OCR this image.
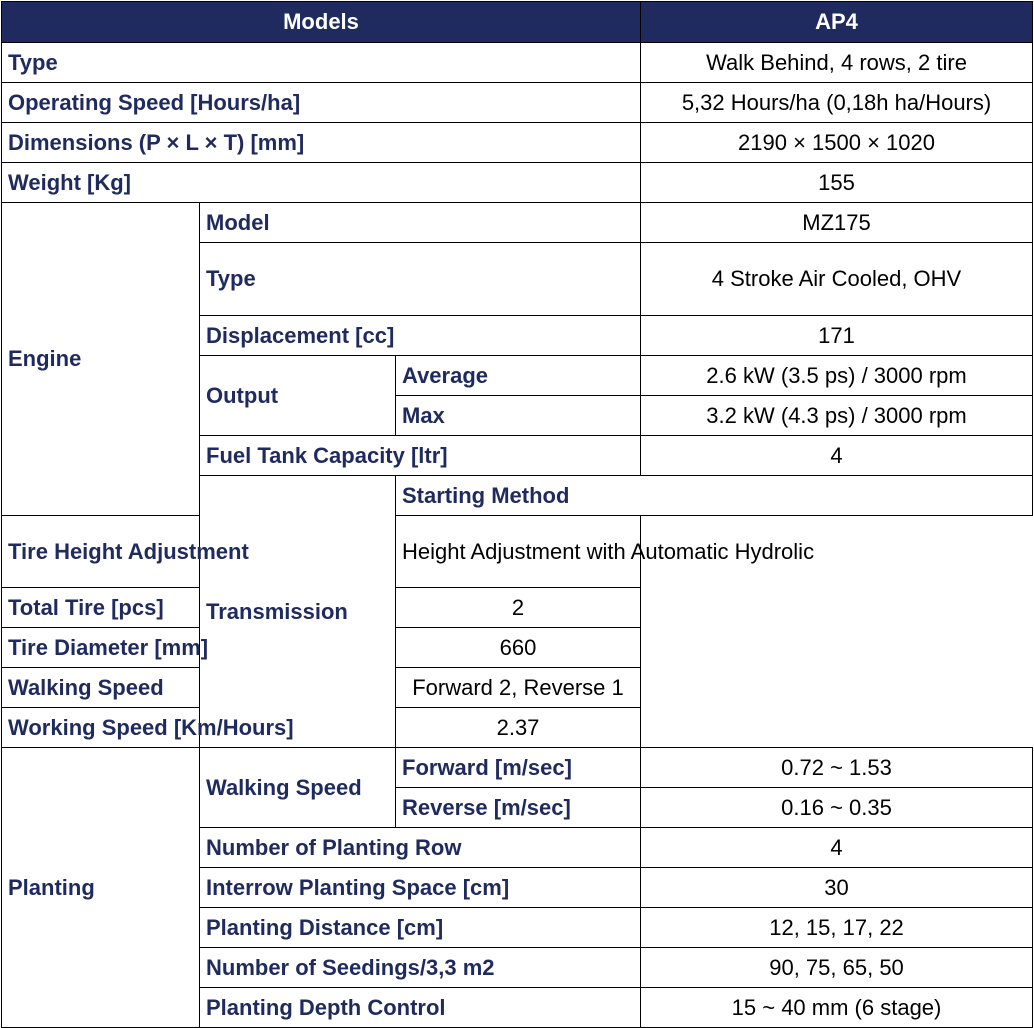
Models			AP4	
Type			Walk Behind, 4 rows, 2 tire	
Operating Speed [Hours/ha]			5,32 Hours/ha (0,18h ha/Hours)	
Dimensions (P × L × T) [mm]			2190 × 1500 × 1020	
Weight [Kg]			155	
Engine	Model		MZ175	
	Type		4 Stroke Air Cooled, OHV	
	Displacement [cc]		171	
	Output	Average	2.6 kW (3.5 ps) / 3000 rpm	
		Max	3.2 kW (4.3 ps) / 3000 rpm	
	Fuel Tank Capacity [ltr]		4	
	Transmission	Starting Method	
Tire Height Adjustment		Height Adjustment with Automatic Hydrolic		
Total Tire [pcs]		2		
Tire Diameter [mm]		660		
Walking Speed		Forward 2, Reverse 1		
Working Speed [Km/Hours]		2.37		
Planting	Walking Speed	Forward [m/sec]	0.72 ~ 1.53	
		Reverse [m/sec]	0.16 ~ 0.35	
	Number of Planting Row		4	
	Interrow Planting Space [cm]		30	
	Planting Distance [cm]		12, 15, 17, 22	
	Number of Seedings/3,3 m2		90, 75, 65, 50	
	Planting Depth Control		15 ~ 40 mm (6 stage)	
